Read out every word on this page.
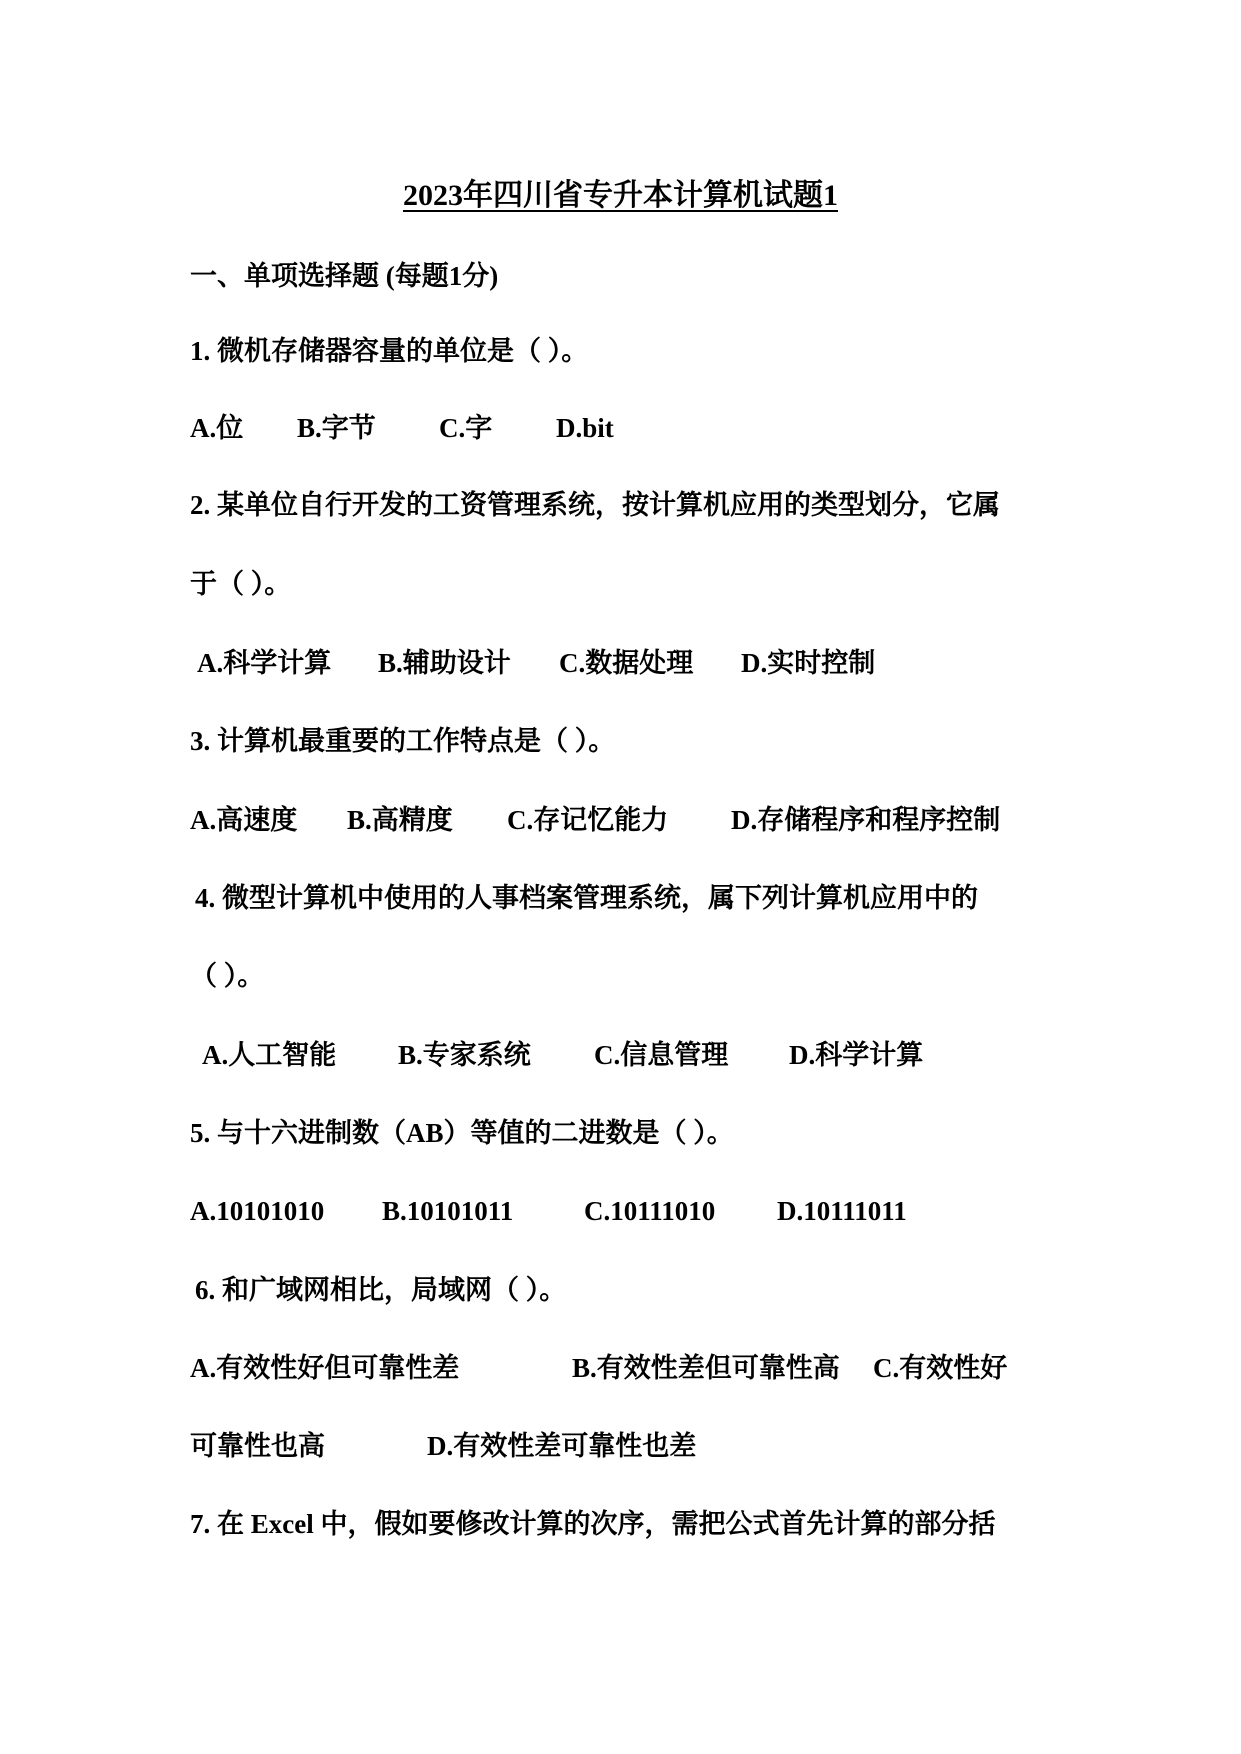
2023年四川省专升本计算机试题1
一、单项选择题 (每题1分)
1. 微机存储器容量的单位是（ ）。
A.位 B.字节 C.字 D.bit
2. 某单位自行开发的工资管理系统，按计算机应用的类型划分，它属
于（ ）。
A.科学计算 B.辅助设计 C.数据处理 D.实时控制
3. 计算机最重要的工作特点是（ ）。
A.高速度 B.高精度 C.存记忆能力 D.存储程序和程序控制
4. 微型计算机中使用的人事档案管理系统，属下列计算机应用中的
（ ）。
A.人工智能 B.专家系统 C.信息管理 D.科学计算
5. 与十六进制数（AB）等值的二进数是（ ）。
A.10101010 B.10101011	C.10111010 D.10111011
6. 和广域网相比，局域网（ ）。
A.有效性好但可靠性差	B.有效性差但可靠性高 C.有效性好
可靠性也高	D.有效性差可靠性也差
7. 在 Excel 中，假如要修改计算的次序，需把公式首先计算的部分括
